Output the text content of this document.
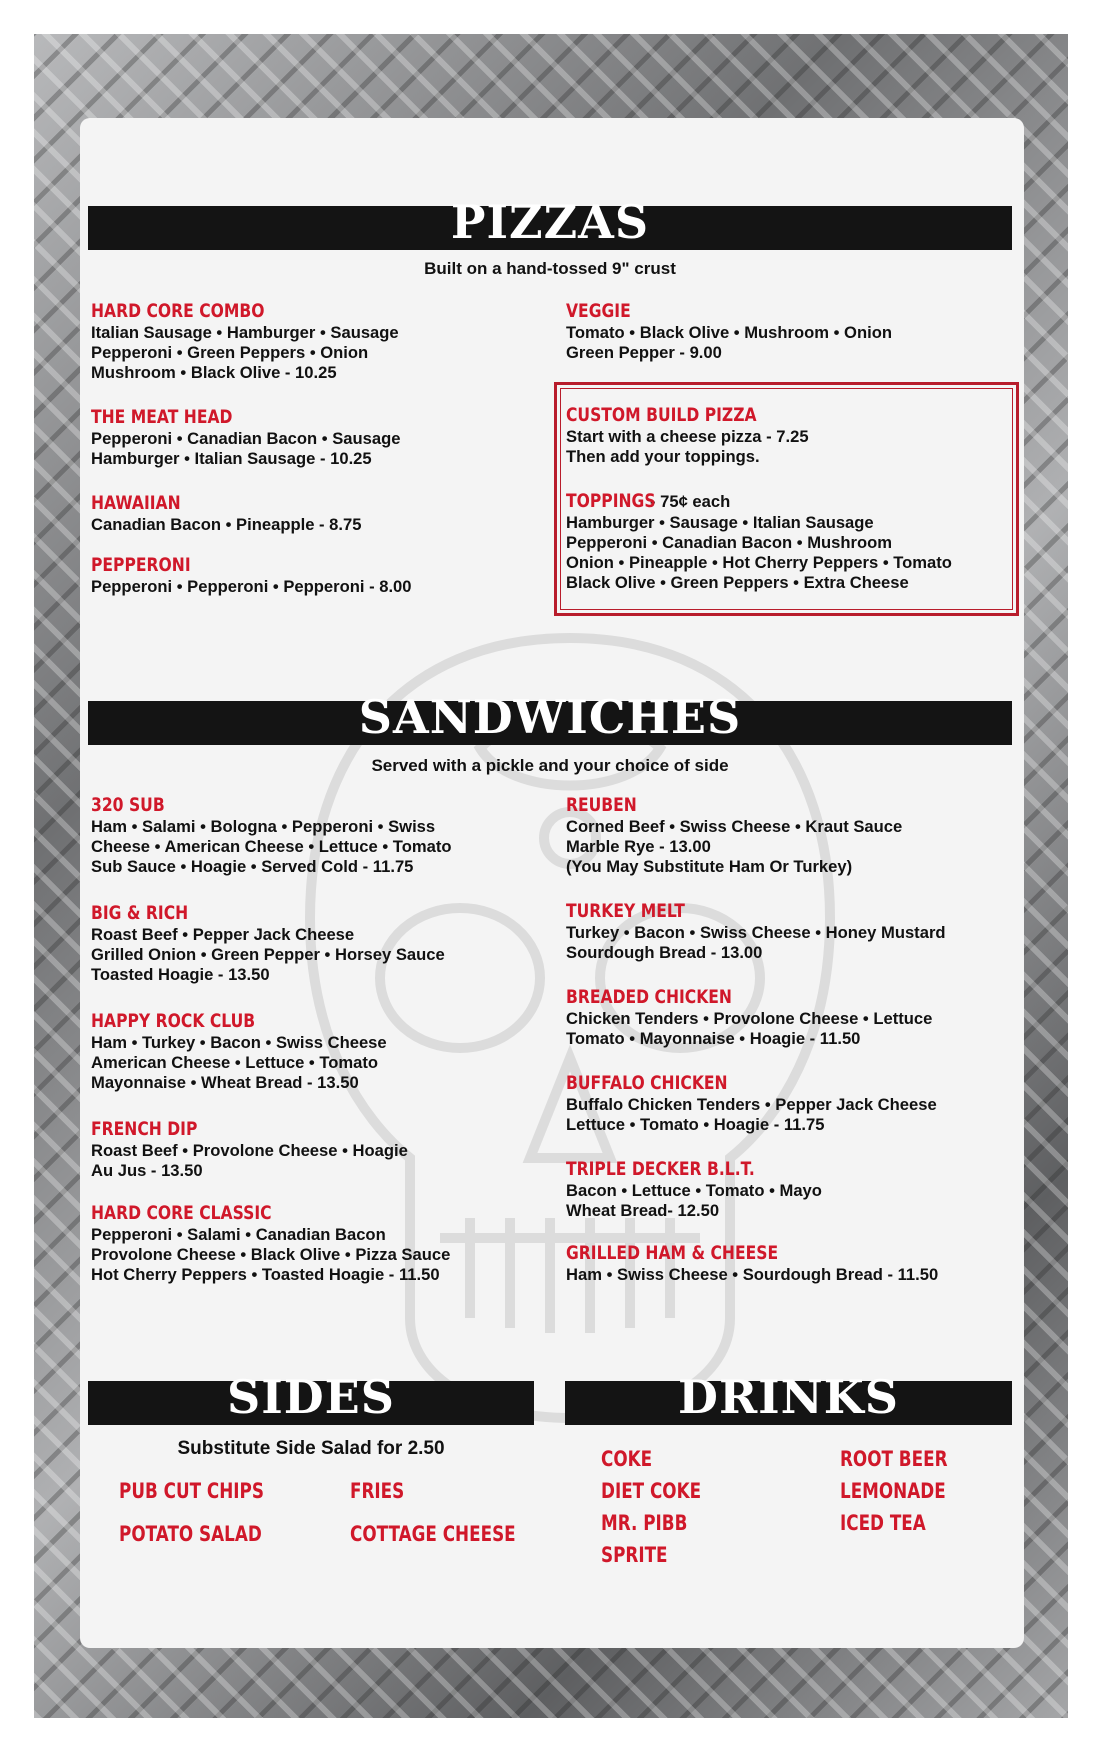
PIZZAS
Built on a hand-tossed 9" crust
HARD CORE COMBO
Italian Sausage • Hamburger • Sausage
Pepperoni • Green Peppers • Onion
Mushroom • Black Olive - 10.25
THE MEAT HEAD
Pepperoni • Canadian Bacon • Sausage
Hamburger • Italian Sausage - 10.25
HAWAIIAN
Canadian Bacon • Pineapple - 8.75
PEPPERONI
Pepperoni • Pepperoni • Pepperoni - 8.00
VEGGIE
Tomato • Black Olive • Mushroom • Onion
Green Pepper - 9.00
CUSTOM BUILD PIZZA
Start with a cheese pizza - 7.25
Then add your toppings.
TOPPINGS
- 75¢ each
Hamburger • Sausage • Italian Sausage
Pepperoni • Canadian Bacon • Mushroom
Onion • Pineapple • Hot Cherry Peppers • Tomato
Black Olive • Green Peppers • Extra Cheese
SANDWICHES
Served with a pickle and your choice of side
320 SUB
Ham • Salami • Bologna • Pepperoni • Swiss
Cheese • American Cheese • Lettuce • Tomato
Sub Sauce • Hoagie • Served Cold - 11.75
BIG & RICH
Roast Beef • Pepper Jack Cheese
Grilled Onion • Green Pepper • Horsey Sauce
Toasted Hoagie - 13.50
HAPPY ROCK CLUB
Ham • Turkey • Bacon • Swiss Cheese
American Cheese • Lettuce • Tomato
Mayonnaise • Wheat Bread - 13.50
FRENCH DIP
Roast Beef • Provolone Cheese • Hoagie
Au Jus - 13.50
HARD CORE CLASSIC
Pepperoni • Salami • Canadian Bacon
Provolone Cheese • Black Olive • Pizza Sauce
Hot Cherry Peppers • Toasted Hoagie - 11.50
REUBEN
Corned Beef • Swiss Cheese • Kraut Sauce
Marble Rye - 13.00
(You May Substitute Ham Or Turkey)
TURKEY MELT
Turkey • Bacon • Swiss Cheese • Honey Mustard
Sourdough Bread - 13.00
BREADED CHICKEN
Chicken Tenders • Provolone Cheese • Lettuce
Tomato • Mayonnaise • Hoagie - 11.50
BUFFALO CHICKEN
Buffalo Chicken Tenders • Pepper Jack Cheese
Lettuce • Tomato • Hoagie - 11.75
TRIPLE DECKER B.L.T.
Bacon • Lettuce • Tomato • Mayo
Wheat Bread- 12.50
GRILLED HAM & CHEESE
Ham • Swiss Cheese • Sourdough Bread - 11.50
SIDES
Substitute Side Salad for 2.50
PUB CUT CHIPS	FRIES
POTATO SALAD	COTTAGE CHEESE
DRINKS
COKE
DIET COKE
MR. PIBB
SPRITE
ROOT BEER
LEMONADE
ICED TEA
